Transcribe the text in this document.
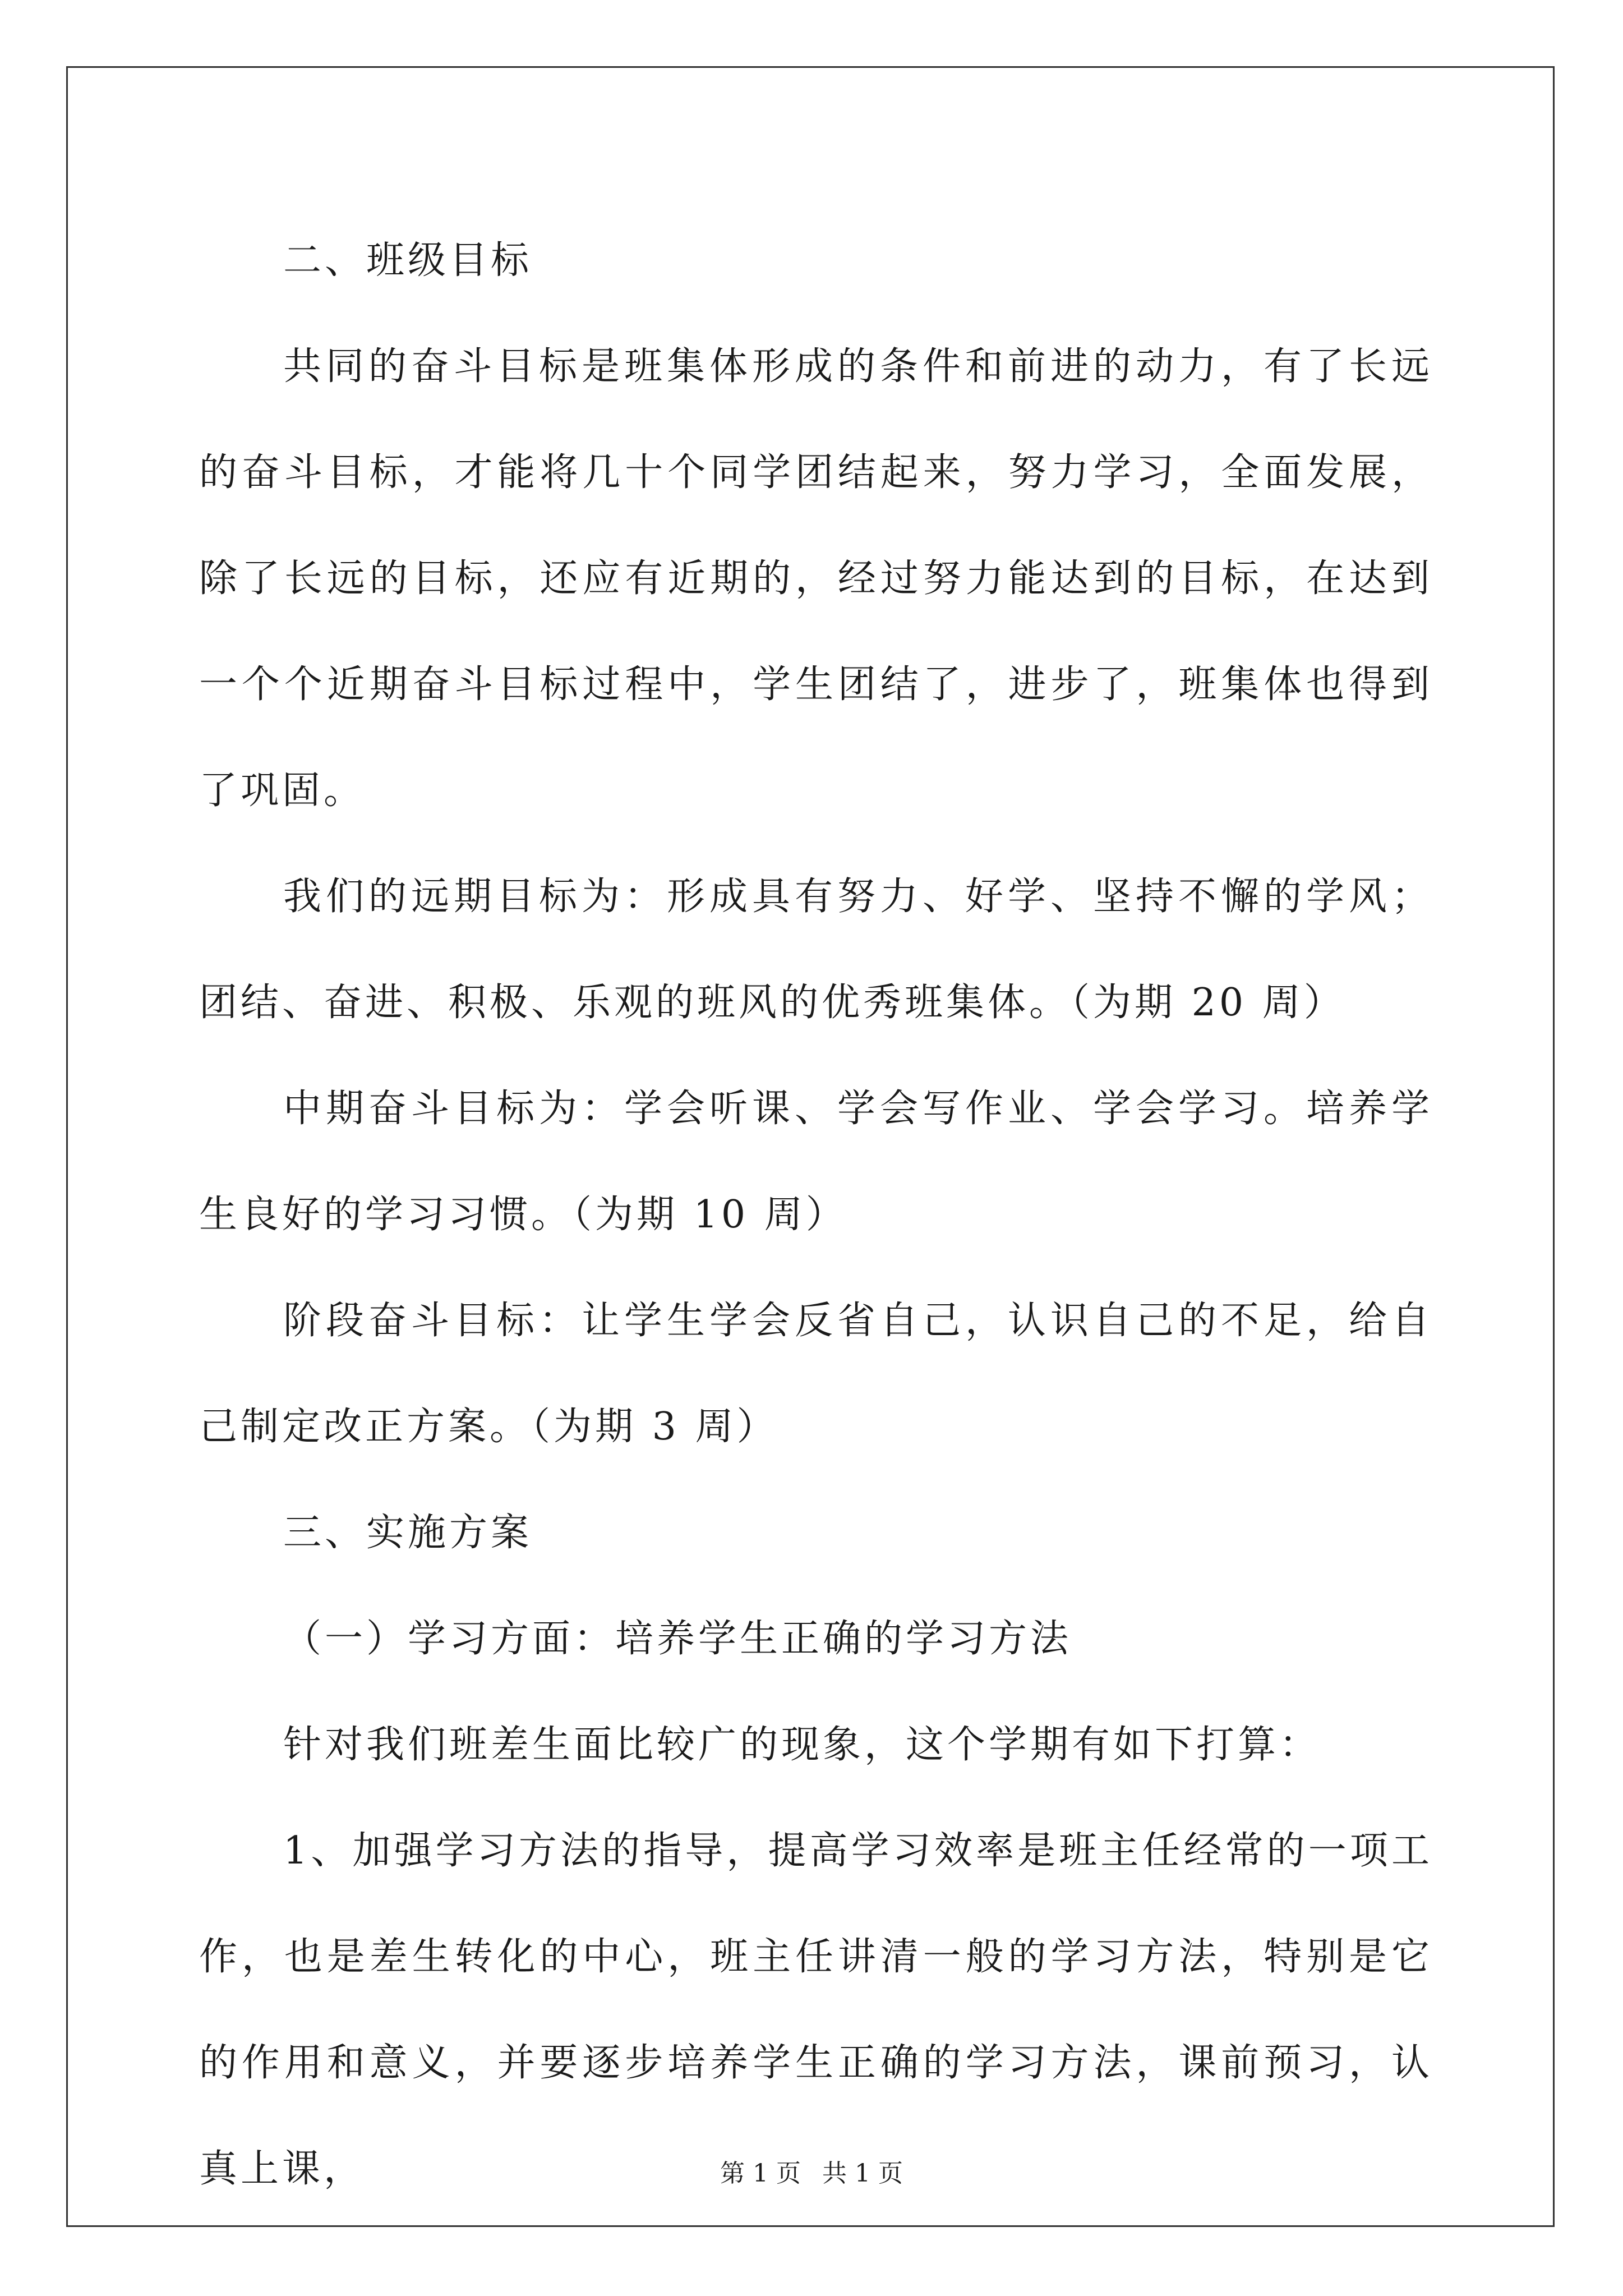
二、班级目标

共同的奋斗目标是班集体形成的条件和前进的动力，有了长远的奋斗目标，才能将几十个同学团结起来，努力学习，全面发展，除了长远的目标，还应有近期的，经过努力能达到的目标，在达到一个个近期奋斗目标过程中，学生团结了，进步了，班集体也得到了巩固。

我们的远期目标为：形成具有努力、好学、坚持不懈的学风；团结、奋进、积极、乐观的班风的优秀班集体。（为期 20 周）

中期奋斗目标为：学会听课、学会写作业、学会学习。培养学生良好的学习习惯。（为期 10 周）

阶段奋斗目标：让学生学会反省自己，认识自己的不足，给自己制定改正方案。（为期 3 周）

三、实施方案

（一）学习方面：培养学生正确的学习方法

针对我们班差生面比较广的现象，这个学期有如下打算：

1、加强学习方法的指导，提高学习效率是班主任经常的一项工作，也是差生转化的中心，班主任讲清一般的学习方法，特别是它的作用和意义，并要逐步培养学生正确的学习方法，课前预习，认真上课，	第 1 页 共 1 页
